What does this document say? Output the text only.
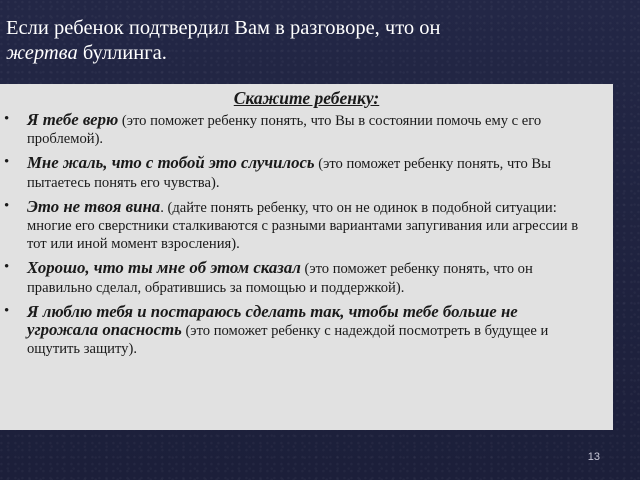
Если ребенок подтвердил Вам в разговоре, что он
жертва буллинга.

Скажите ребенку:

• Я тебе верю (это поможет ребенку понять, что Вы в состоянии помочь ему с его проблемой).
• Мне жаль, что с тобой это случилось (это поможет ребенку понять, что Вы пытаетесь понять его чувства).
• Это не твоя вина. (дайте понять ребенку, что он не одинок в подобной ситуации: многие его сверстники сталкиваются с разными вариантами запугивания или агрессии в тот или иной момент взросления).
• Хорошо, что ты мне об этом сказал (это поможет ребенку понять, что он правильно сделал, обратившись за помощью и поддержкой).
• Я люблю тебя и постараюсь сделать так, чтобы тебе больше не угрожала опасность (это поможет ребенку с надеждой посмотреть в будущее и ощутить защиту).
13
